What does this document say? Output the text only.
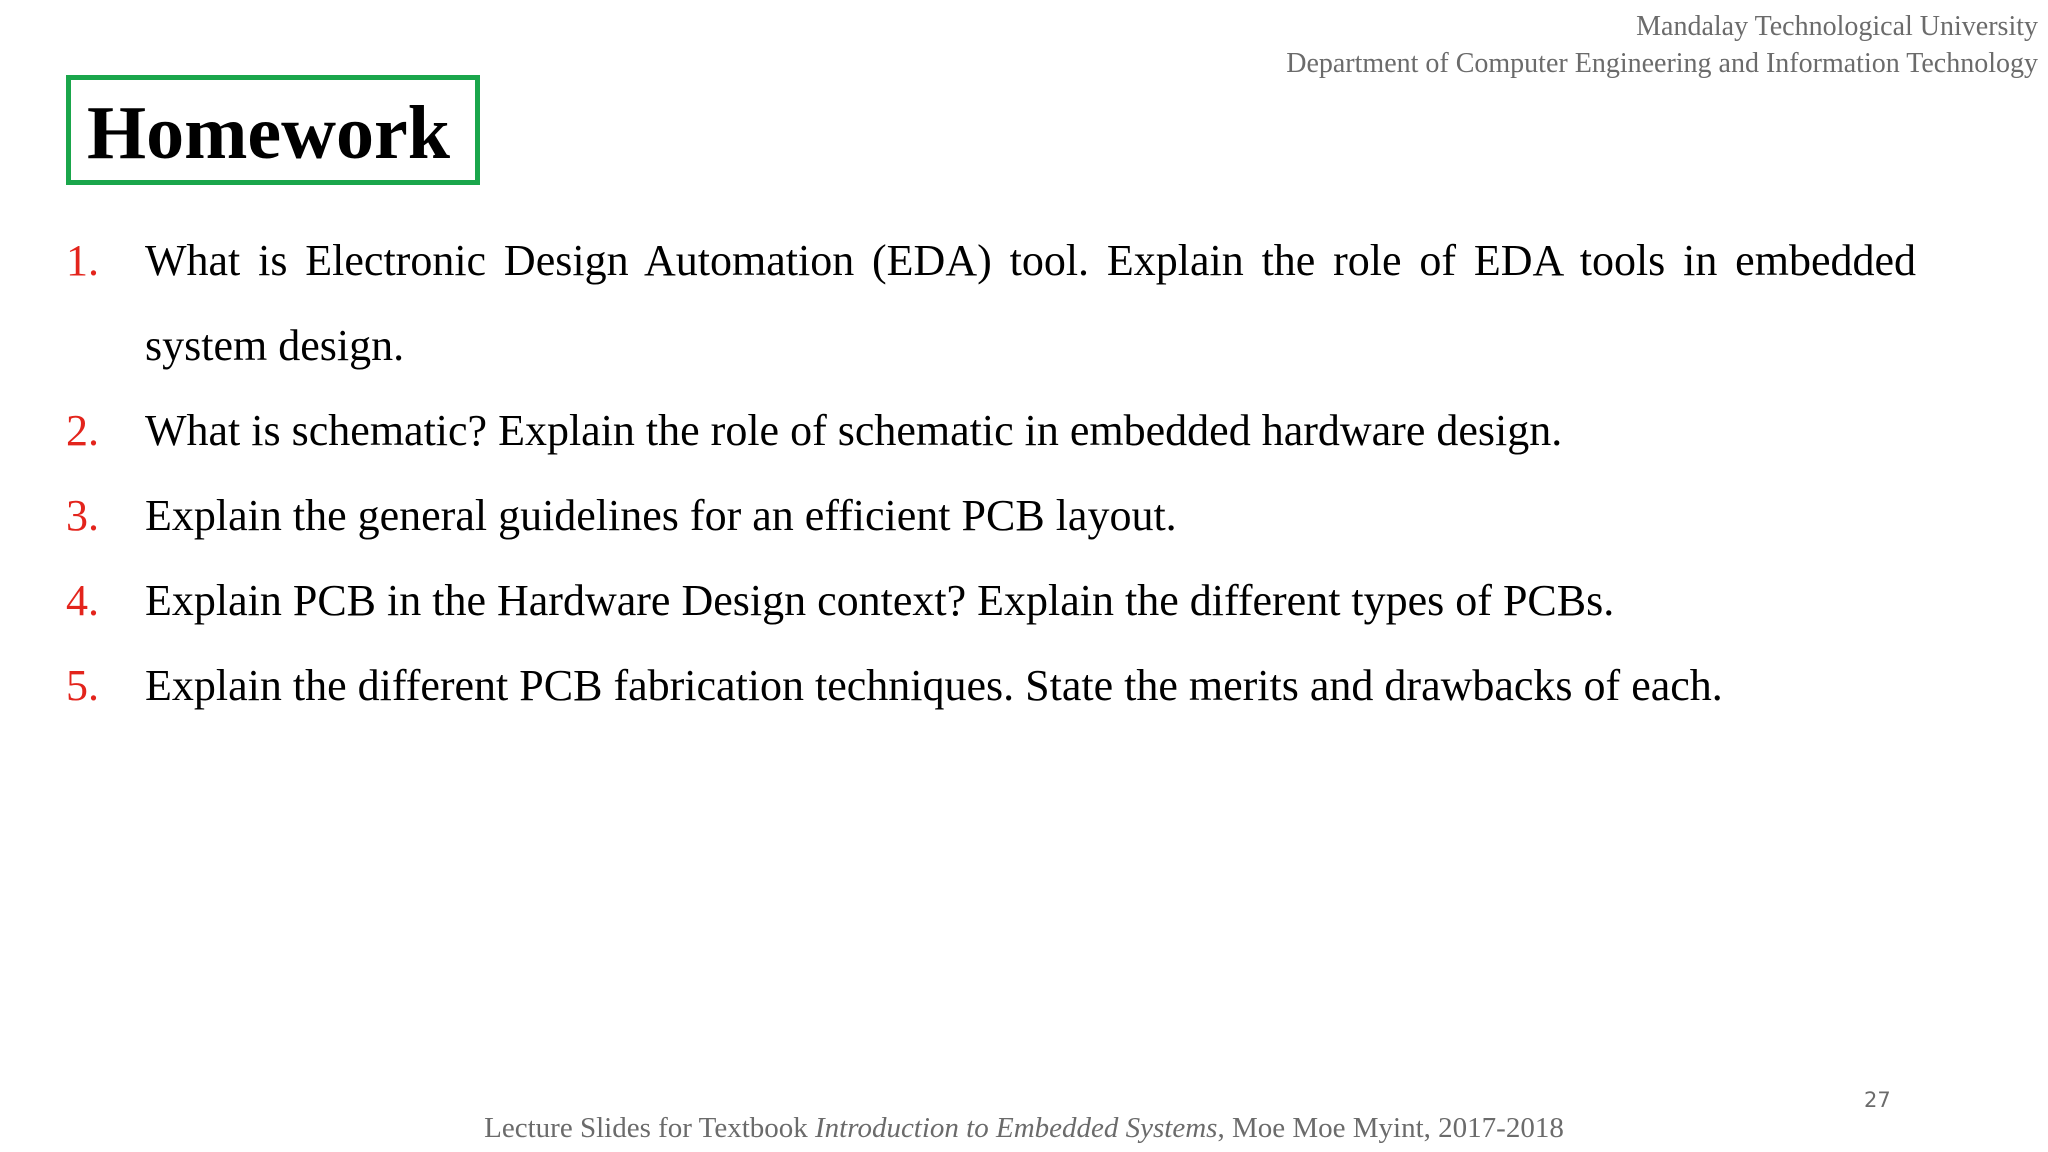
Mandalay Technological University
Department of Computer Engineering and Information Technology
Homework
1. What is Electronic Design Automation (EDA) tool. Explain the role of EDA tools in embedded system design.
2. What is schematic? Explain the role of schematic in embedded hardware design.
3. Explain the general guidelines for an efficient PCB layout.
4. Explain PCB in the Hardware Design context? Explain the different types of PCBs.
5. Explain the different PCB fabrication techniques. State the merits and drawbacks of each.
27
Lecture Slides for Textbook Introduction to Embedded Systems, Moe Moe Myint, 2017-2018
